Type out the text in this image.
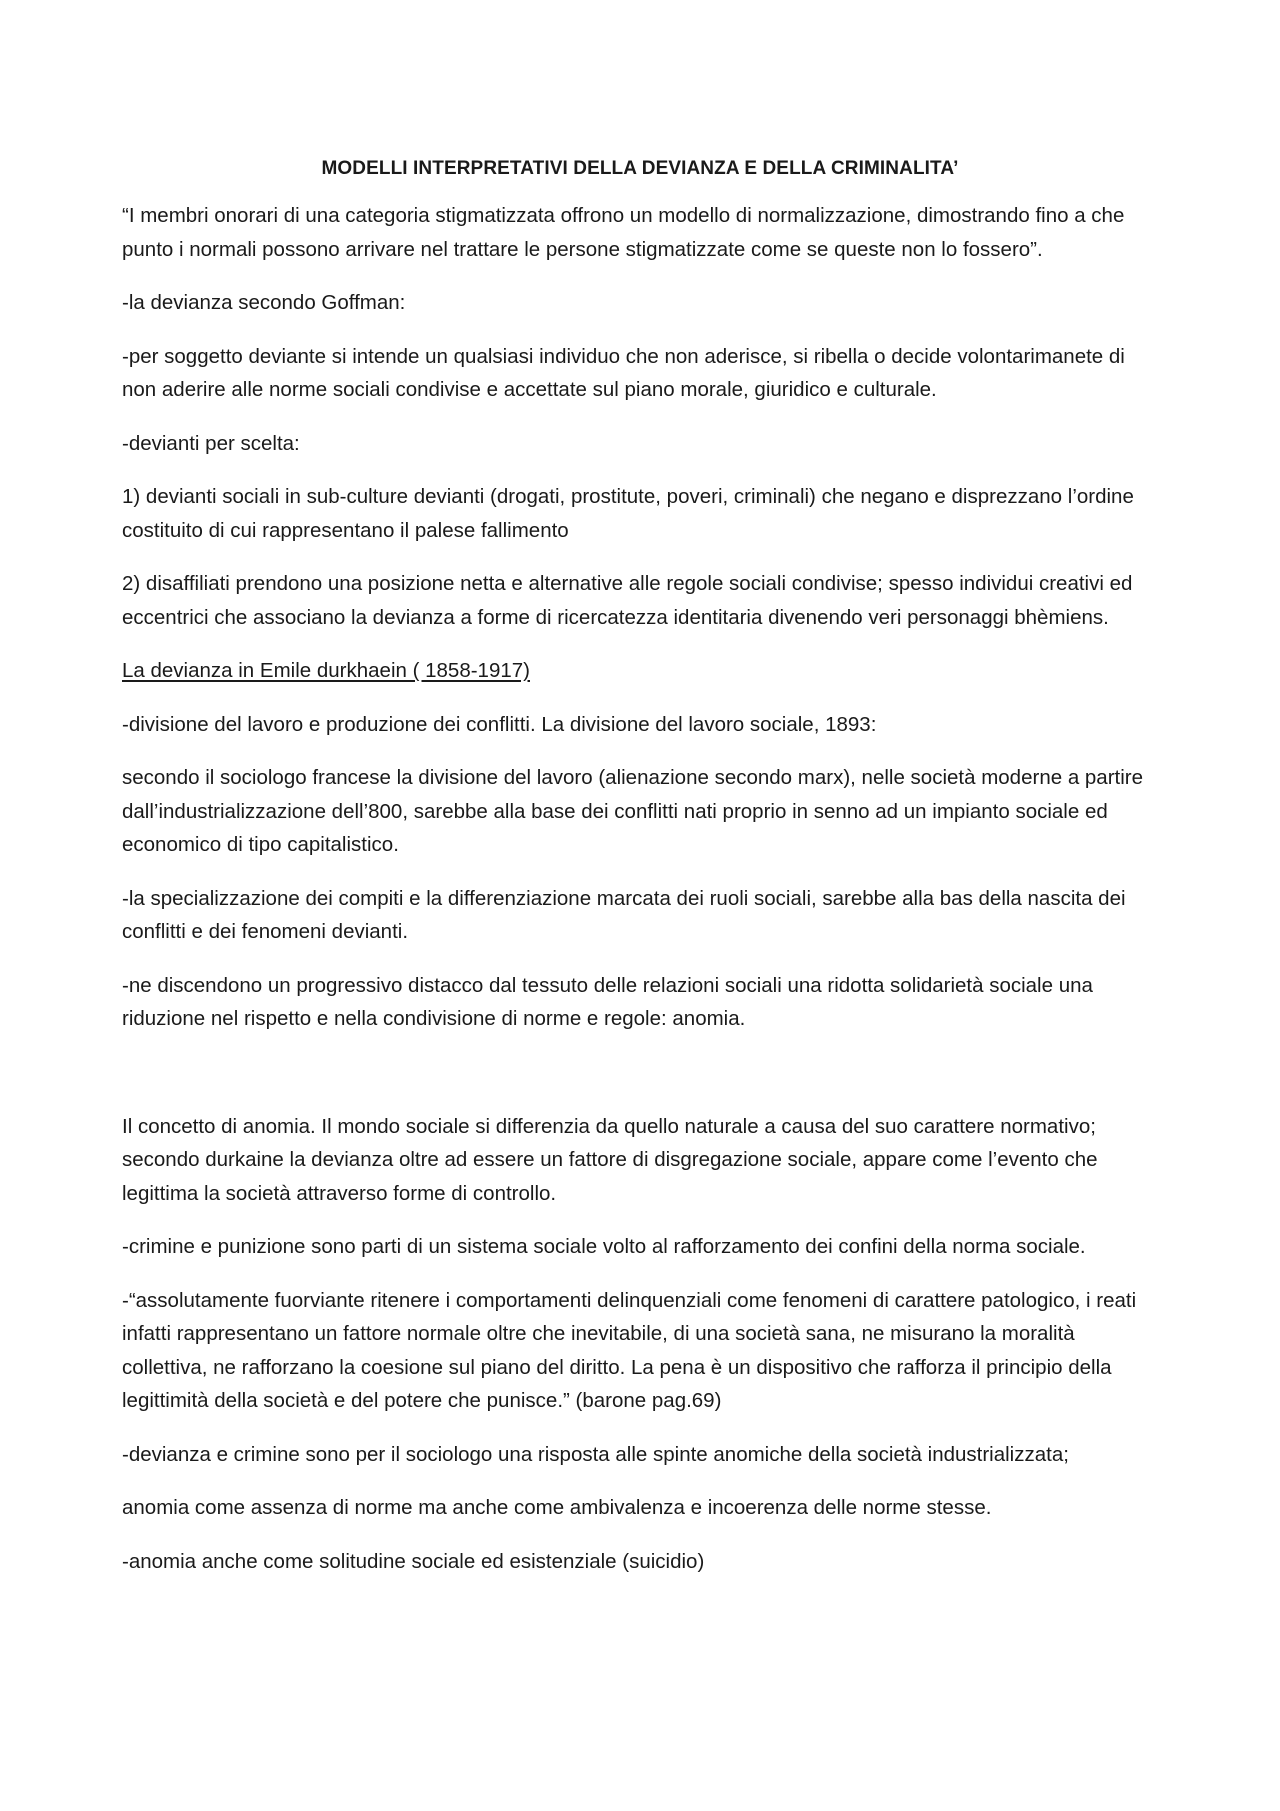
MODELLI INTERPRETATIVI DELLA DEVIANZA E DELLA CRIMINALITA’

“I membri onorari di una categoria stigmatizzata offrono un modello di normalizzazione, dimostrando fino a che punto i normali possono arrivare nel trattare le persone stigmatizzate come se queste non lo fossero”.

-la devianza secondo Goffman:

-per soggetto deviante si intende un qualsiasi individuo che non aderisce, si ribella o decide volontarimanete di non aderire alle norme sociali condivise e accettate sul piano morale, giuridico e culturale.

-devianti per scelta:

1) devianti sociali in sub-culture devianti (drogati, prostitute, poveri, criminali) che negano e disprezzano l’ordine costituito di cui rappresentano il palese fallimento

2) disaffiliati prendono una posizione netta e alternative alle regole sociali condivise; spesso individui creativi ed eccentrici che associano la devianza a forme di ricercatezza identitaria divenendo veri personaggi bhèmiens.

La devianza in Emile durkhaein ( 1858-1917)

-divisione del lavoro e produzione dei conflitti. La divisione del lavoro sociale, 1893:

secondo il sociologo francese la divisione del lavoro (alienazione secondo marx), nelle società moderne a partire dall’industrializzazione dell’800, sarebbe alla base dei conflitti nati proprio in senno ad un impianto sociale ed economico di tipo capitalistico.

-la specializzazione dei compiti e la differenziazione marcata dei ruoli sociali, sarebbe alla bas della nascita dei conflitti e dei fenomeni devianti.

-ne discendono un progressivo distacco dal tessuto delle relazioni sociali una ridotta solidarietà sociale una riduzione nel rispetto e nella condivisione di norme e regole: anomia.

Il concetto di anomia. Il mondo sociale si differenzia da quello naturale a causa del suo carattere normativo; secondo durkaine la devianza oltre ad essere un fattore di disgregazione sociale, appare come l’evento che legittima la società attraverso forme di controllo.

-crimine e punizione sono parti di un sistema sociale volto al rafforzamento dei confini della norma sociale.

-“assolutamente fuorviante ritenere i comportamenti delinquenziali come fenomeni di carattere patologico, i reati infatti rappresentano un fattore normale oltre che inevitabile, di una società sana, ne misurano la moralità collettiva, ne rafforzano la coesione sul piano del diritto. La pena è un dispositivo che rafforza il principio della legittimità della società e del potere che punisce.” (barone pag.69)

-devianza e crimine sono per il sociologo una risposta alle spinte anomiche della società industrializzata;

anomia come assenza di norme ma anche come ambivalenza e incoerenza delle norme stesse.

-anomia anche come solitudine sociale ed esistenziale (suicidio)
